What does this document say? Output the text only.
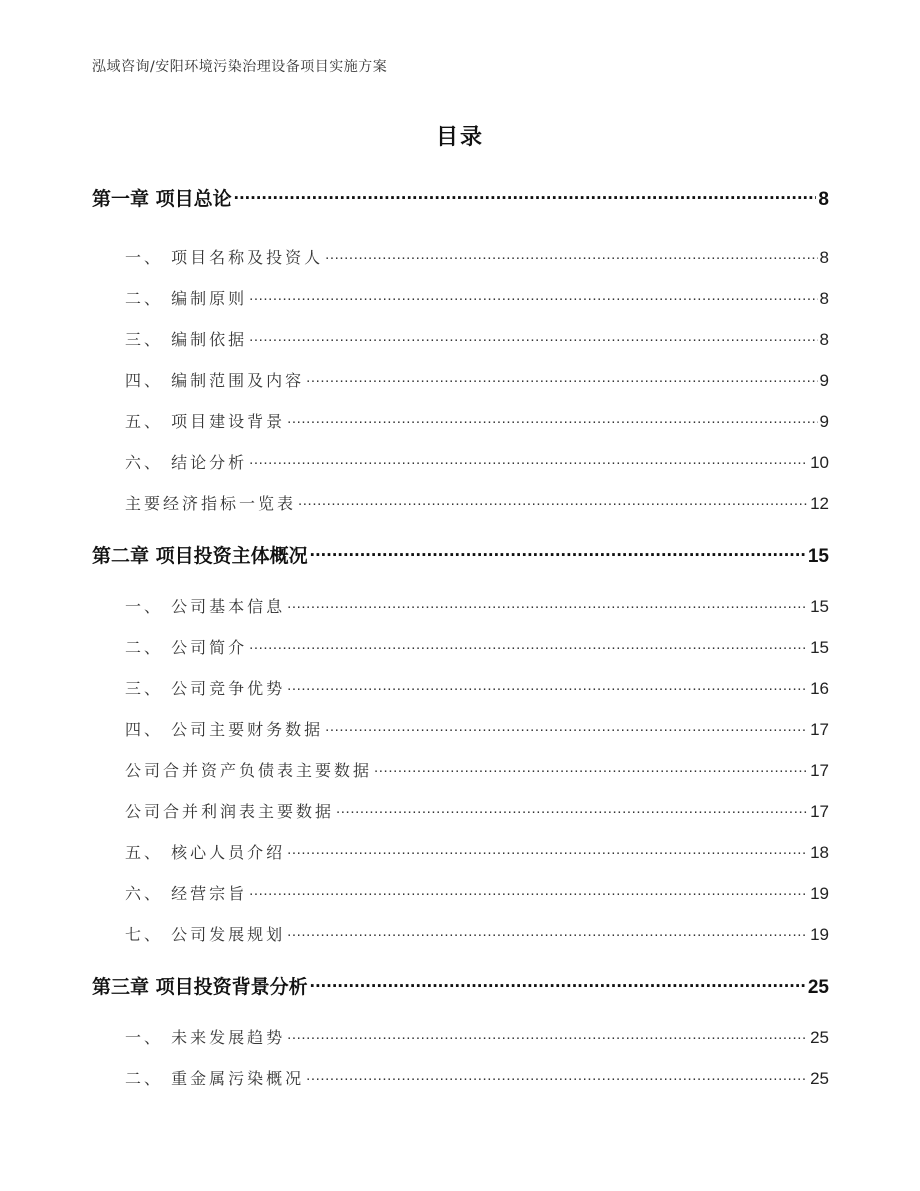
泓域咨询/安阳环境污染治理设备项目实施方案
目录
第一章 项目总论 .....	8
一、 项目名称及投资人 .....	8
二、 编制原则 .....	8
三、 编制依据 .....	8
四、 编制范围及内容 .....	9
五、 项目建设背景 .....	9
六、 结论分析 .....	10
主要经济指标一览表 .....	12
第二章 项目投资主体概况 .....	15
一、 公司基本信息 .....	15
二、 公司简介 .....	15
三、 公司竞争优势 .....	16
四、 公司主要财务数据 .....	17
公司合并资产负债表主要数据 .....	17
公司合并利润表主要数据 .....	17
五、 核心人员介绍 .....	18
六、 经营宗旨 .....	19
七、 公司发展规划 .....	19
第三章 项目投资背景分析 .....	25
一、 未来发展趋势 .....	25
二、 重金属污染概况 .....	25
